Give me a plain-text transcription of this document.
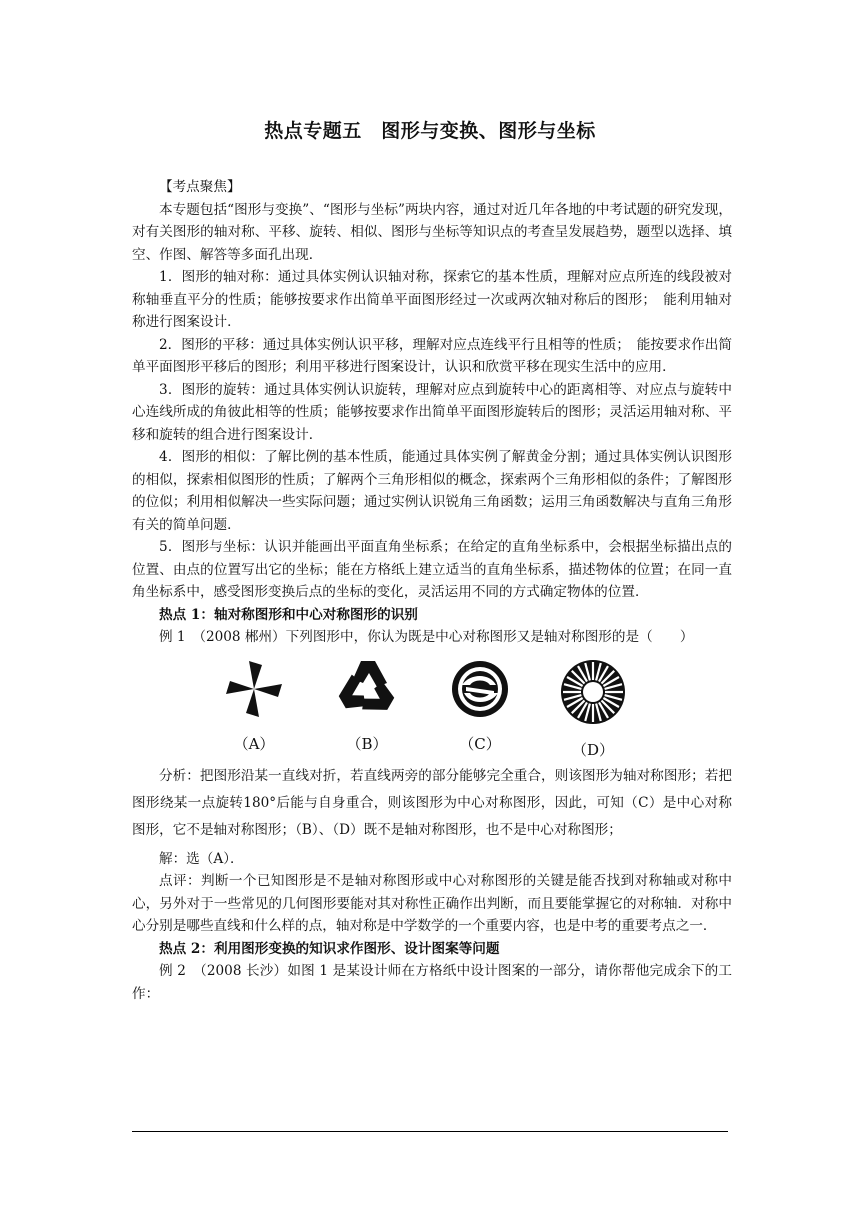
热点专题五　图形与变换、图形与坐标

【考点聚焦】

本专题包括“图形与变换”、“图形与坐标”两块内容，通过对近几年各地的中考试题的研究发现，对有关图形的轴对称、平移、旋转、相似、图形与坐标等知识点的考查呈发展趋势，题型以选择、填空、作图、解答等多面孔出现．

1．图形的轴对称：通过具体实例认识轴对称，探索它的基本性质，理解对应点所连的线段被对称轴垂直平分的性质；能够按要求作出简单平面图形经过一次或两次轴对称后的图形；　能利用轴对称进行图案设计．

2．图形的平移：通过具体实例认识平移，理解对应点连线平行且相等的性质；　能按要求作出简单平面图形平移后的图形；利用平移进行图案设计，认识和欣赏平移在现实生活中的应用．

3．图形的旋转：通过具体实例认识旋转，理解对应点到旋转中心的距离相等、对应点与旋转中心连线所成的角彼此相等的性质；能够按要求作出简单平面图形旋转后的图形；灵活运用轴对称、平移和旋转的组合进行图案设计．

4．图形的相似：了解比例的基本性质，能通过具体实例了解黄金分割；通过具体实例认识图形的相似，探索相似图形的性质；了解两个三角形相似的概念，探索两个三角形相似的条件；了解图形的位似；利用相似解决一些实际问题；通过实例认识锐角三角函数；运用三角函数解决与直角三角形有关的简单问题．

5．图形与坐标：认识并能画出平面直角坐标系；在给定的直角坐标系中，会根据坐标描出点的位置、由点的位置写出它的坐标；能在方格纸上建立适当的直角坐标系，描述物体的位置；在同一直角坐标系中，感受图形变换后点的坐标的变化，灵活运用不同的方式确定物体的位置．

热点 1：轴对称图形和中心对称图形的识别

例 1　（2008 郴州）下列图形中，你认为既是中心对称图形又是轴对称图形的是（　　）

（A）	（B）	（C）	（D）

分析：把图形沿某一直线对折，若直线两旁的部分能够完全重合，则该图形为轴对称图形；若把图形绕某一点旋转180°后能与自身重合，则该图形为中心对称图形，因此，可知（C）是中心对称图形，它不是轴对称图形；（B）、（D）既不是轴对称图形，也不是中心对称图形；

解：选（A）．

点评：判断一个已知图形是不是轴对称图形或中心对称图形的关键是能否找到对称轴或对称中心，另外对于一些常见的几何图形要能对其对称性正确作出判断，而且要能掌握它的对称轴．对称中心分别是哪些直线和什么样的点，轴对称是中学数学的一个重要内容，也是中考的重要考点之一．

热点 2：利用图形变换的知识求作图形、设计图案等问题

例 2　（2008 长沙）如图 1 是某设计师在方格纸中设计图案的一部分，请你帮他完成余下的工作：
